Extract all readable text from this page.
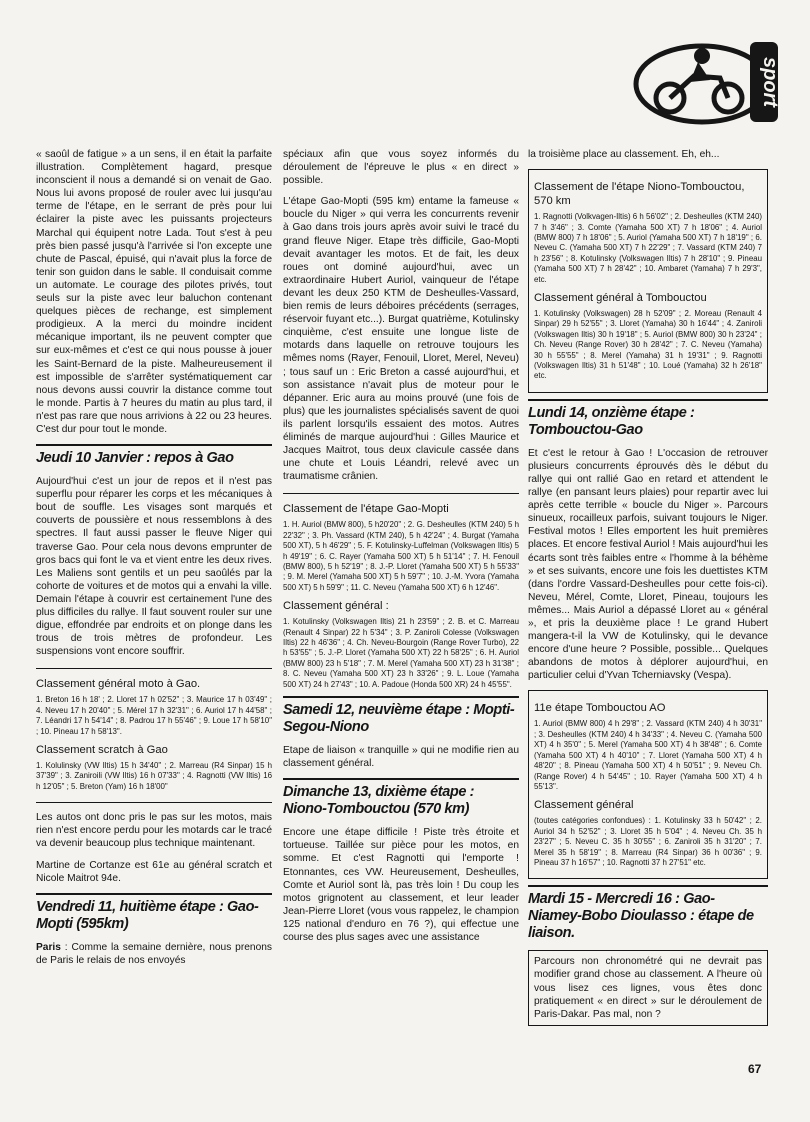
sport

« saoûl de fatigue » a un sens, il en était la parfaite illustration. Complètement hagard, presque inconscient il nous a demandé si on venait de Gao. Nous lui avons proposé de rouler avec lui jusqu'au terme de l'étape, en le serrant de près pour lui éclairer la piste avec les puissants projecteurs Marchal qui équipent notre Lada. Tout s'est à peu près bien passé jusqu'à l'arrivée si l'on excepte une chute de Pascal, épuisé, qui n'avait plus la force de tenir son guidon dans le sable. Il conduisait comme un automate. Le courage des pilotes privés, tout seuls sur la piste avec leur baluchon contenant quelques pièces de rechange, est simplement prodigieux. A la merci du moindre incident mécanique important, ils ne peuvent compter que sur eux-mêmes et c'est ce qui nous pousse à jouer les Saint-Bernard de la piste. Malheureusement il est impossible de s'arrêter systématiquement car nous devons aussi couvrir la distance comme tout le monde. Partis à 7 heures du matin au plus tard, il n'est pas rare que nous arrivions à 22 ou 23 heures. C'est dur pour tout le monde.

Jeudi 10 Janvier : repos à Gao

Aujourd'hui c'est un jour de repos et il n'est pas superflu pour réparer les corps et les mécaniques à bout de souffle. Les visages sont marqués et couverts de poussière et nous ressemblons à des spectres. Il faut aussi passer le fleuve Niger qui traverse Gao. Pour cela nous devons emprunter de gros bacs qui font le va et vient entre les deux rives. Les Maliens sont gentils et un peu saoûlés par la cohorte de voitures et de motos qui a envahi la ville. Demain l'étape à couvrir est certainement l'une des plus difficiles du rallye. Il faut souvent rouler sur une digue, effondrée par endroits et on plonge dans les trous de trois mètres de profondeur. Les suspensions vont encore souffrir.

Classement général moto à Gao.
1. Breton 16 h 18' ; 2. Lloret 17 h 02'52" ; 3. Maurice 17 h 03'49" ; 4. Neveu 17 h 20'40" ; 5. Mérel 17 h 32'31" ; 6. Auriol 17 h 44'58" ; 7. Léandri 17 h 54'14" ; 8. Padrou 17 h 55'46" ; 9. Loue 17 h 58'10" ; 10. Pineau 17 h 58'13".
Classement scratch à Gao
1. Kolulinsky (VW Iltis) 15 h 34'40" ; 2. Marreau (R4 Sinpar) 15 h 37'39" ; 3. Zaniroili (VW Iltis) 16 h 07'33" ; 4. Ragnotti (VW Iltis) 16 h 12'05" ; 5. Breton (Yam) 16 h 18'00"

Les autos ont donc pris le pas sur les motos, mais rien n'est encore perdu pour les motards car le tracé va devenir beaucoup plus technique maintenant.

Martine de Cortanze est 61e au général scratch et Nicole Maitrot 94e.

Vendredi 11, huitième étape : Gao-Mopti (595km)

Paris : Comme la semaine dernière, nous prenons de Paris le relais de nos envoyés

spéciaux afin que vous soyez informés du déroulement de l'épreuve le plus « en direct » possible.

L'étape Gao-Mopti (595 km) entame la fameuse « boucle du Niger » qui verra les concurrents revenir à Gao dans trois jours après avoir suivi le tracé du grand fleuve Niger. Etape très difficile, Gao-Mopti devait avantager les motos. Et de fait, les deux roues ont dominé aujourd'hui, avec un extraordinaire Hubert Auriol, vainqueur de l'étape devant les deux 250 KTM de Desheulles-Vassard, bien remis de leurs déboires précédents (serrages, réservoir fuyant etc...). Burgat quatrième, Kotulinsky cinquième, c'est ensuite une longue liste de motards dans laquelle on retrouve toujours les mêmes noms (Rayer, Fenouil, Lloret, Merel, Neveu) ; tous sauf un : Eric Breton a cassé aujourd'hui, et son assistance n'avait plus de moteur pour le dépanner. Eric aura au moins prouvé (une fois de plus) que les journalistes spécialisés savent de quoi ils parlent lorsqu'ils essaient des motos. Autres éliminés de marque aujourd'hui : Gilles Maurice et Jacques Maitrot, tous deux clavicule cassée dans une chute et Louis Léandri, relevé avec un traumatisme crânien.

Classement de l'étape Gao-Mopti
1. H. Auriol (BMW 800), 5 h20'20" ; 2. G. Desheulles (KTM 240) 5 h 22'32" ; 3. Ph. Vassard (KTM 240), 5 h 42'24" ; 4. Burgat (Yamaha 500 XT), 5 h 46'29" ; 5. F. Kotulinsky-Luffelman (Volkswagen Iltis) 5 h 49'19" ; 6. C. Rayer (Yamaha 500 XT) 5 h 51'14" ; 7. H. Fenouil (BMW 800), 5 h 52'19" ; 8. J.-P. Lloret (Yamaha 500 XT) 5 h 55'33" ; 9. M. Merel (Yamaha 500 XT) 5 h 59'7" ; 10. J.-M. Yvora (Yamaha 500 XT) 5 h 59'9" ; 11. C. Neveu (Yamaha 500 XT) 6 h 12'46".
Classement général :
1. Kotulinsky (Volkswagen Iltis) 21 h 23'59" ; 2. B. et C. Marreau (Renault 4 Sinpar) 22 h 5'34" ; 3. P. Zaniroli Colesse (Volkswagen Iltis) 22 h 46'36" ; 4. Ch. Neveu-Bourgoin (Range Rover Turbo), 22 h 53'55" ; 5. J.-P. Lloret (Yamaha 500 XT) 22 h 58'25" ; 6. H. Auriol (BMW 800) 23 h 5'18" ; 7. M. Merel (Yamaha 500 XT) 23 h 31'38" ; 8. C. Neveu (Yamaha 500 XT) 23 h 33'26" ; 9. L. Loue (Yamaha 500 XT) 24 h 27'43" ; 10. A. Padoue (Honda 500 XR) 24 h 45'55".
Samedi 12, neuvième étape : Mopti-Segou-Niono

Etape de liaison « tranquille » qui ne modifie rien au classement général.

Dimanche 13, dixième étape : Niono-Tombouctou (570 km)

Encore une étape difficile ! Piste très étroite et tortueuse. Taillée sur pièce pour les motos, en somme. Et c'est Ragnotti qui l'emporte ! Etonnantes, ces VW. Heureusement, Desheulles, Comte et Auriol sont là, pas très loin ! Du coup les motos grignotent au classement, et leur leader Jean-Pierre Lloret (vous vous rappelez, le champion 125 national d'enduro en 76 ?), qui effectue une course des plus sages avec une assistance

la troisième place au classement. Eh, eh...

Classement de l'étape Niono-Tombouctou, 570 km
1. Ragnotti (Volkvagen-Iltis) 6 h 56'02" ; 2. Desheulles (KTM 240) 7 h 3'46" ; 3. Comte (Yamaha 500 XT) 7 h 18'06" ; 4. Auriol (BMW 800) 7 h 18'06" ; 5. Auriol (Yamaha 500 XT) 7 h 18'19" ; 6. Neveu C. (Yamaha 500 XT) 7 h 22'29" ; 7. Vassard (KTM 240) 7 h 23'56" ; 8. Kotulinsky (Volkswagen Iltis) 7 h 28'10" ; 9. Pineau (Yamaha 500 XT) 7 h 28'42" ; 10. Ambaret (Yamaha) 7 h 29'3", etc.
Classement général à Tombouctou
1. Kotulinsky (Volkswagen) 28 h 52'09" ; 2. Moreau (Renault 4 Sinpar) 29 h 52'55" ; 3. Lloret (Yamaha) 30 h 16'44" ; 4. Zaniroli (Volkswagen Iltis) 30 h 19'18" ; 5. Auriol (BMW 800) 30 h 23'24" ; Ch. Neveu (Range Rover) 30 h 28'42" ; 7. C. Neveu (Yamaha) 30 h 55'55" ; 8. Merel (Yamaha) 31 h 19'31" ; 9. Ragnotti (Volkswagen Iltis) 31 h 51'48" ; 10. Loué (Yamaha) 32 h 26'18" etc.
Lundi 14, onzième étape : Tombouctou-Gao

Et c'est le retour à Gao ! L'occasion de retrouver plusieurs concurrents éprouvés dès le début du rallye qui ont rallié Gao en retard et attendent le rallye (en pansant leurs plaies) pour repartir avec lui après cette terrible « boucle du Niger ». Parcours sinueux, rocailleux parfois, suivant toujours le Niger. Festival motos ! Elles emportent les huit premières places. Et encore festival Auriol ! Mais aujourd'hui les écarts sont très faibles entre « l'homme à la béhème » et ses suivants, encore une fois les duettistes KTM (dans l'ordre Vassard-Desheulles pour cette fois-ci). Neveu, Mérel, Comte, Lloret, Pineau, toujours les mêmes... Mais Auriol a dépassé Lloret au « général », et pris la deuxième place ! Le grand Hubert mangera-t-il la VW de Kotulinsky, qui le devance encore d'une heure ? Possible, possible... Quelques abandons de motos à déplorer aujourd'hui, en particulier celui d'Yvan Tcherniavsky (Vespa).

11e étape Tombouctou AO
1. Auriol (BMW 800) 4 h 29'8" ; 2. Vassard (KTM 240) 4 h 30'31" ; 3. Desheulles (KTM 240) 4 h 34'33" ; 4. Neveu C. (Yamaha 500 XT) 4 h 35'0" ; 5. Merel (Yamaha 500 XT) 4 h 38'48" ; 6. Comte (Yamaha 500 XT) 4 h 40'10" ; 7. Lloret (Yamaha 500 XT) 4 h 48'20" ; 8. Pineau (Yamaha 500 XT) 4 h 50'51" ; 9. Neveu Ch. (Range Rover) 4 h 54'45" ; 10. Rayer (Yamaha 500 XT) 4 h 55'13".
Classement général
(toutes catégories confondues) : 1. Kotulinsky 33 h 50'42" ; 2. Auriol 34 h 52'52" ; 3. Lloret 35 h 5'04" ; 4. Neveu Ch. 35 h 23'27" ; 5. Neveu C. 35 h 30'55" ; 6. Zaniroli 35 h 31'20" ; 7. Merel 35 h 58'19" ; 8. Marreau (R4 Sinpar) 36 h 00'36" ; 9. Pineau 37 h 16'57" ; 10. Ragnotti 37 h 27'51" etc.
Mardi 15 - Mercredi 16 : Gao-Niamey-Bobo Dioulasso : étape de liaison.

Parcours non chronométré qui ne devrait pas modifier grand chose au classement. A l'heure où vous lisez ces lignes, vous êtes donc pratiquement « en direct » sur le déroulement de Paris-Dakar. Pas mal, non ?

67
